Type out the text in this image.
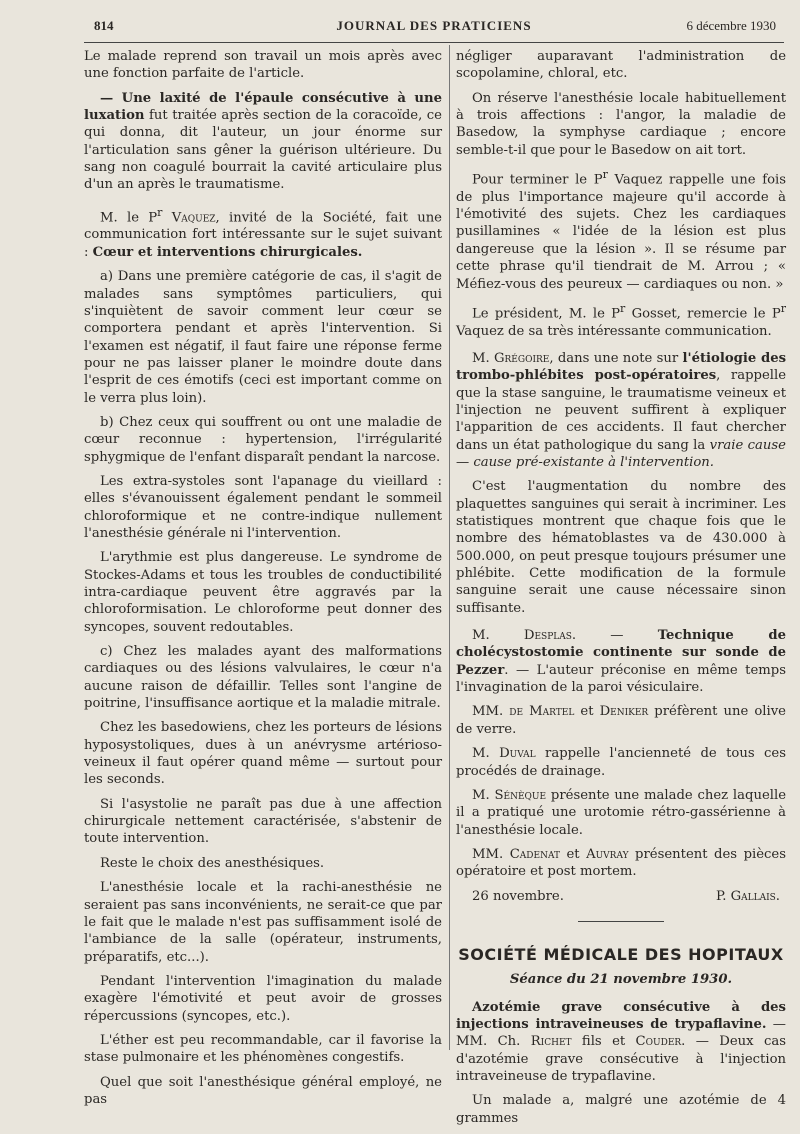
814	JOURNAL DES PRATICIENS	6 décembre 1930

Le malade reprend son travail un mois après avec une fonction parfaite de l'article.

— Une laxité de l'épaule consécutive à une luxation fut traitée après section de la coracoïde, ce qui donna, dit l'auteur, un jour énorme sur l'articulation sans gêner la guérison ultérieure. Du sang non coagulé bourrait la cavité articulaire plus d'un an après le traumatisme.

M. le $P^r$ Vaquez, invité de la Société, fait une communication fort intéressante sur le sujet suivant : Cœur et interventions chirurgicales.

a) Dans une première catégorie de cas, il s'agit de malades sans symptômes particuliers, qui s'inquiètent de savoir comment leur cœur se comportera pendant et après l'intervention. Si l'examen est négatif, il faut faire une réponse ferme pour ne pas laisser planer le moindre doute dans l'esprit de ces émotifs (ceci est important comme on le verra plus loin).

b) Chez ceux qui souffrent ou ont une maladie de cœur reconnue : hypertension, l'irrégularité sphygmique de l'enfant disparaît pendant la narcose.

Les extra-systoles sont l'apanage du vieillard : elles s'évanouissent également pendant le sommeil chloroformique et ne contre-indique nullement l'anesthésie générale ni l'intervention.

L'arythmie est plus dangereuse. Le syndrome de Stockes-Adams et tous les troubles de conductibilité intra-cardiaque peuvent être aggravés par la chloroformisation. Le chloroforme peut donner des syncopes, souvent redoutables.

c) Chez les malades ayant des malformations cardiaques ou des lésions valvulaires, le cœur n'a aucune raison de défaillir. Telles sont l'angine de poitrine, l'insuffisance aortique et la maladie mitrale.

Chez les basedowiens, chez les porteurs de lésions hyposystoliques, dues à un anévrysme artérioso-veineux il faut opérer quand même — surtout pour les seconds.

Si l'asystolie ne paraît pas due à une affection chirurgicale nettement caractérisée, s'abstenir de toute intervention.

Reste le choix des anesthésiques.

L'anesthésie locale et la rachi-anesthésie ne seraient pas sans inconvénients, ne serait-ce que par le fait que le malade n'est pas suffisamment isolé de l'ambiance de la salle (opérateur, instruments, préparatifs, etc...).

Pendant l'intervention l'imagination du malade exagère l'émotivité et peut avoir de grosses répercussions (syncopes, etc.).

L'éther est peu recommandable, car il favorise la stase pulmonaire et les phénomènes congestifs.

Quel que soit l'anesthésique général employé, ne pas

négliger auparavant l'administration de scopolamine, chloral, etc.

On réserve l'anesthésie locale habituellement à trois affections : l'angor, la maladie de Basedow, la symphyse cardiaque ; encore semble-t-il que pour le Basedow on ait tort.

Pour terminer le $P^r$ Vaquez rappelle une fois de plus l'importance majeure qu'il accorde à l'émotivité des sujets. Chez les cardiaques pusillamines « l'idée de la lésion est plus dangereuse que la lésion ». Il se résume par cette phrase qu'il tiendrait de M. Arrou ; « Méfiez-vous des peureux — cardiaques ou non. »

Le président, M. le $P^r$ Gosset, remercie le $P^r$ Vaquez de sa très intéressante communication.

M. Grégoire, dans une note sur l'étiologie des trombo-phlébites post-opératoires, rappelle que la stase sanguine, le traumatisme veineux et l'injection ne peuvent suffirent à expliquer l'apparition de ces accidents. Il faut chercher dans un état pathologique du sang la vraie cause — cause pré-existante à l'intervention.

C'est l'augmentation du nombre des plaquettes sanguines qui serait à incriminer. Les statistiques montrent que chaque fois que le nombre des hématoblastes va de 430.000 à 500.000, on peut presque toujours présumer une phlébite. Cette modification de la formule sanguine serait une cause nécessaire sinon suffisante.

M. Desplas. — Technique de cholécystostomie continente sur sonde de Pezzer. — L'auteur préconise en même temps l'invagination de la paroi vésiculaire.

MM. de Martel et Deniker préfèrent une olive de verre.

M. Duval rappelle l'ancienneté de tous ces procédés de drainage.

M. Sénèque présente une malade chez laquelle il a pratiqué une urotomie rétro-gassérienne à l'anesthésie locale.

MM. Cadenat et Auvray présentent des pièces opératoire et post mortem.

26 novembre.	P. Gallais.
SOCIÉTÉ MÉDICALE DES HOPITAUX
Séance du 21 novembre 1930.

Azotémie grave consécutive à des injections intraveineuses de trypaflavine. — MM. Ch. Richet fils et Couder. — Deux cas d'azotémie grave consécutive à l'injection intraveineuse de trypaflavine.

Un malade a, malgré une azotémie de 4 grammes
